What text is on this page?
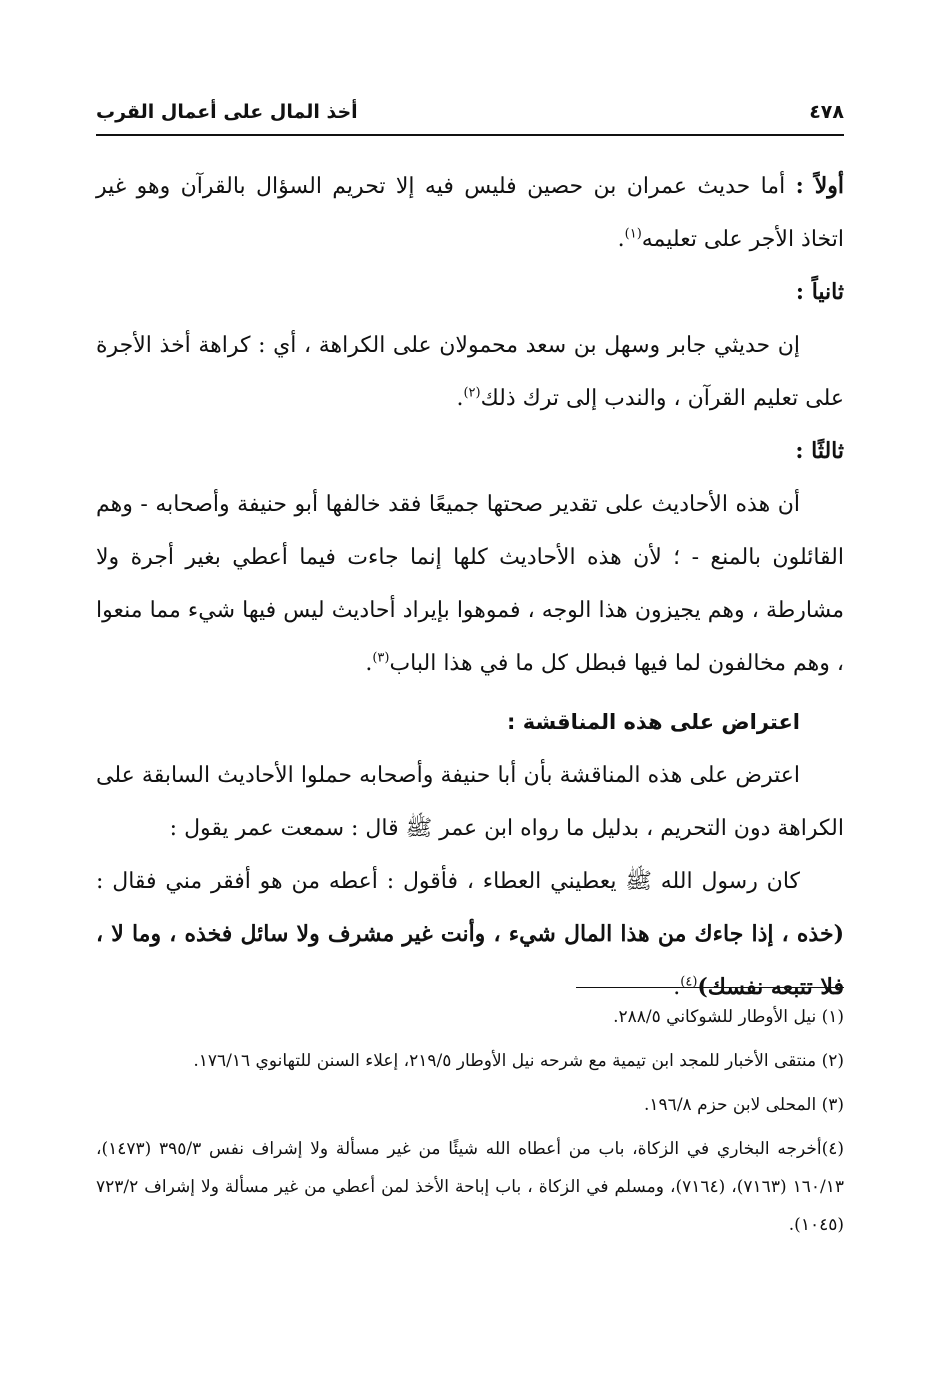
٤٧٨
أخذ المال على أعمال القرب

أولاً : أما حديث عمران بن حصين فليس فيه إلا تحريم السؤال بالقرآن وهو غير اتخاذ الأجر على تعليمه$^{(١)}$.

ثانياً :

إن حديثي جابر وسهل بن سعد محمولان على الكراهة ، أي : كراهة أخذ الأجرة على تعليم القرآن ، والندب إلى ترك ذلك$^{(٢)}$.

ثالثًا :

أن هذه الأحاديث على تقدير صحتها جميعًا فقد خالفها أبو حنيفة وأصحابه - وهم القائلون بالمنع - ؛ لأن هذه الأحاديث كلها إنما جاءت فيما أعطي بغير أجرة ولا مشارطة ، وهم يجيزون هذا الوجه ، فموهوا بإيراد أحاديث ليس فيها شيء مما منعوا ، وهم مخالفون لما فيها فبطل كل ما في هذا الباب$^{(٣)}$.

اعتراض على هذه المناقشة :

اعترض على هذه المناقشة بأن أبا حنيفة وأصحابه حملوا الأحاديث السابقة على الكراهة دون التحريم ، بدليل ما رواه ابن عمر ﷺ قال : سمعت عمر يقول :

كان رسول الله ﷺ يعطيني العطاء ، فأقول : أعطه من هو أفقر مني فقال : (خذه ، إذا جاءك من هذا المال شيء ، وأنت غير مشرف ولا سائل فخذه ، وما لا ، فلا تتبعه نفسك)$^{(٤)}$.

(١) نيل الأوطار للشوكاني ٢٨٨/٥.

(٢) منتقى الأخبار للمجد ابن تيمية مع شرحه نيل الأوطار ٢١٩/٥، إعلاء السنن للتهانوي ١٧٦/١٦.

(٣) المحلى لابن حزم ١٩٦/٨.

(٤)أخرجه البخاري في الزكاة، باب من أعطاه الله شيئًا من غير مسألة ولا إشراف نفس ٣٩٥/٣ (١٤٧٣)، ١٦٠/١٣ (٧١٦٣)، (٧١٦٤)، ومسلم في الزكاة ، باب إباحة الأخذ لمن أعطي من غير مسألة ولا إشراف ٧٢٣/٢ (١٠٤٥).
